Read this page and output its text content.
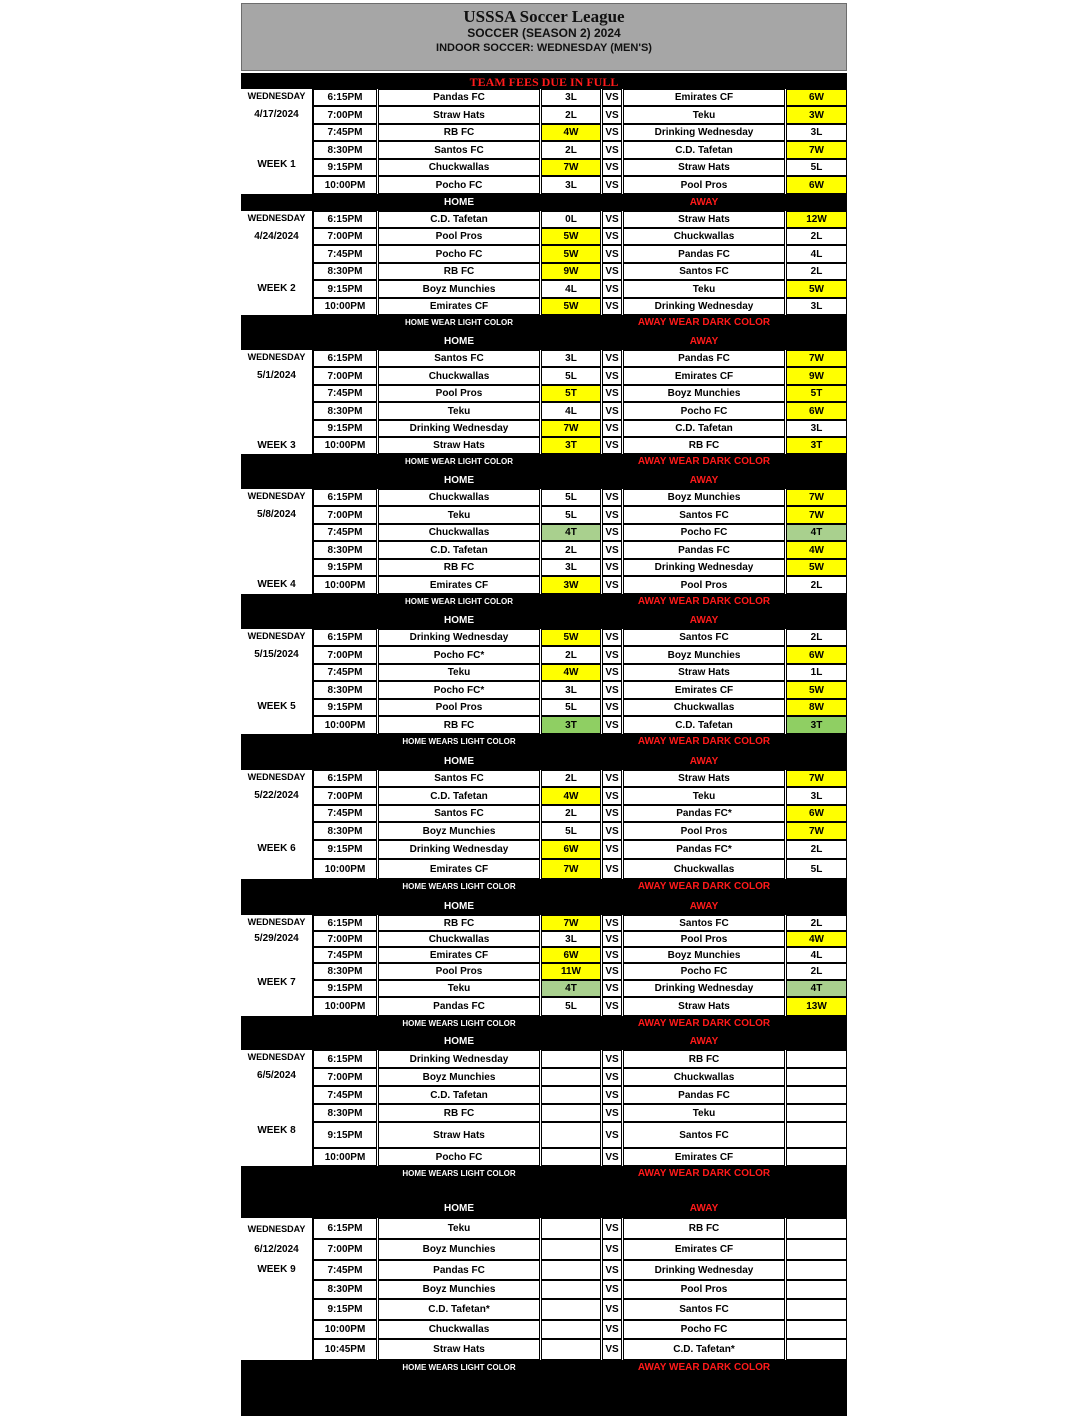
USSSA Soccer League
SOCCER (SEASON 2) 2024
INDOOR SOCCER: WEDNESDAY (MEN'S)
TEAM FEES DUE IN FULL
WEDNESDAY
4/17/2024
WEEK 1
6:15PM	Pandas FC	3L	VS	Emirates CF	6W
7:00PM	Straw Hats	2L	VS	Teku	3W
7:45PM	RB FC	4W	VS	Drinking Wednesday	3L
8:30PM	Santos FC	2L	VS	C.D. Tafetan	7W
9:15PM	Chuckwallas	7W	VS	Straw Hats	5L
10:00PM	Pocho FC	3L	VS	Pool Pros	6W
HOME	AWAY
WEDNESDAY
4/24/2024
WEEK 2
6:15PM	C.D. Tafetan	0L	VS	Straw Hats	12W
7:00PM	Pool Pros	5W	VS	Chuckwallas	2L
7:45PM	Pocho FC	5W	VS	Pandas FC	4L
8:30PM	RB FC	9W	VS	Santos FC	2L
9:15PM	Boyz Munchies	4L	VS	Teku	5W
10:00PM	Emirates CF	5W	VS	Drinking Wednesday	3L
HOME WEAR LIGHT COLOR	AWAY WEAR DARK COLOR
HOME	AWAY
WEDNESDAY
5/1/2024
WEEK 3
6:15PM	Santos FC	3L	VS	Pandas FC	7W
7:00PM	Chuckwallas	5L	VS	Emirates CF	9W
7:45PM	Pool Pros	5T	VS	Boyz Munchies	5T
8:30PM	Teku	4L	VS	Pocho FC	6W
9:15PM	Drinking Wednesday	7W	VS	C.D. Tafetan	3L
10:00PM	Straw Hats	3T	VS	RB FC	3T
HOME WEAR LIGHT COLOR	AWAY WEAR DARK COLOR
HOME	AWAY
WEDNESDAY
5/8/2024
WEEK 4
6:15PM	Chuckwallas	5L	VS	Boyz Munchies	7W
7:00PM	Teku	5L	VS	Santos FC	7W
7:45PM	Chuckwallas	4T	VS	Pocho FC	4T
8:30PM	C.D. Tafetan	2L	VS	Pandas FC	4W
9:15PM	RB FC	3L	VS	Drinking Wednesday	5W
10:00PM	Emirates CF	3W	VS	Pool Pros	2L
HOME WEAR LIGHT COLOR	AWAY WEAR DARK COLOR
HOME	AWAY
WEDNESDAY
5/15/2024
WEEK 5
6:15PM	Drinking Wednesday	5W	VS	Santos FC	2L
7:00PM	Pocho FC*	2L	VS	Boyz Munchies	6W
7:45PM	Teku	4W	VS	Straw Hats	1L
8:30PM	Pocho FC*	3L	VS	Emirates CF	5W
9:15PM	Pool Pros	5L	VS	Chuckwallas	8W
10:00PM	RB FC	3T	VS	C.D. Tafetan	3T
HOME WEARS LIGHT COLOR	AWAY WEAR DARK COLOR
HOME	AWAY
WEDNESDAY
5/22/2024
WEEK 6
6:15PM	Santos FC	2L	VS	Straw Hats	7W
7:00PM	C.D. Tafetan	4W	VS	Teku	3L
7:45PM	Santos FC	2L	VS	Pandas FC*	6W
8:30PM	Boyz Munchies	5L	VS	Pool Pros	7W
9:15PM	Drinking Wednesday	6W	VS	Pandas FC*	2L
10:00PM	Emirates CF	7W	VS	Chuckwallas	5L
HOME WEARS LIGHT COLOR	AWAY WEAR DARK COLOR
HOME	AWAY
WEDNESDAY
5/29/2024
WEEK 7
6:15PM	RB FC	7W	VS	Santos FC	2L
7:00PM	Chuckwallas	3L	VS	Pool Pros	4W
7:45PM	Emirates CF	6W	VS	Boyz Munchies	4L
8:30PM	Pool Pros	11W	VS	Pocho FC	2L
9:15PM	Teku	4T	VS	Drinking Wednesday	4T
10:00PM	Pandas FC	5L	VS	Straw Hats	13W
HOME WEARS LIGHT COLOR	AWAY WEAR DARK COLOR
HOME	AWAY
WEDNESDAY
6/5/2024
WEEK 8
6:15PM	Drinking Wednesday	VS	RB FC
7:00PM	Boyz Munchies	VS	Chuckwallas
7:45PM	C.D. Tafetan	VS	Pandas FC
8:30PM	RB FC	VS	Teku
9:15PM	Straw Hats	VS	Santos FC
10:00PM	Pocho FC	VS	Emirates CF
HOME WEARS LIGHT COLOR	AWAY WEAR DARK COLOR
HOME	AWAY
WEDNESDAY
6/12/2024
WEEK 9
6:15PM	Teku	VS	RB FC
7:00PM	Boyz Munchies	VS	Emirates CF
7:45PM	Pandas FC	VS	Drinking Wednesday
8:30PM	Boyz Munchies	VS	Pool Pros
9:15PM	C.D. Tafetan*	VS	Santos FC
10:00PM	Chuckwallas	VS	Pocho FC
10:45PM	Straw Hats	VS	C.D. Tafetan*
HOME WEARS LIGHT COLOR	AWAY WEAR DARK COLOR
